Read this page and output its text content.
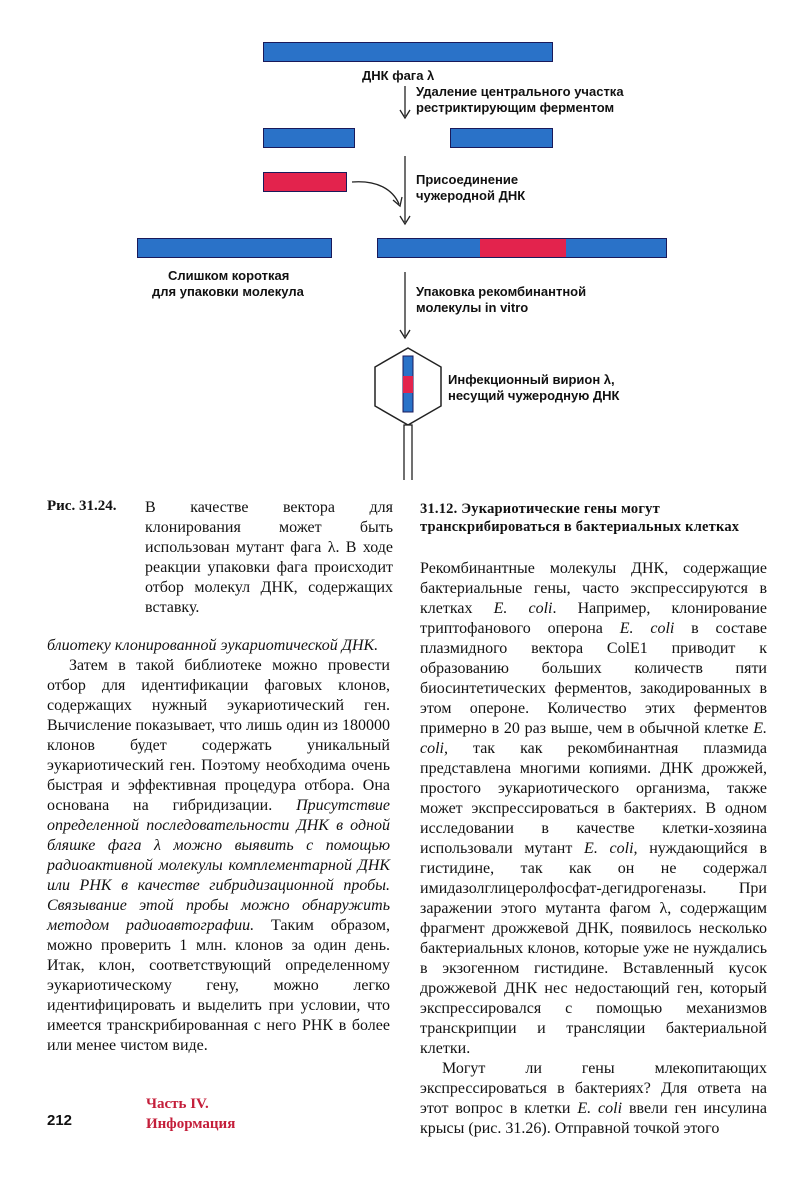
ДНК фага λ
Удаление центрального участка
рестриктирующим ферментом
Присоединение
чужеродной ДНК
Слишком короткая
для упаковки молекула	Упаковка рекомбинантной
молекулы in vitro
Инфекционный вирион λ,
несущий чужеродную ДНК
Рис. 31.24. В качестве вектора для клонирования может быть использован мутант фага λ. В ходе реакции упаковки фага происходит отбор молекул ДНК, содержащих вставку.

блиотеку клонированной эукариотической ДНК.

Затем в такой библиотеке можно провести отбор для идентификации фаговых клонов, содержащих нужный эукариотический ген. Вычисление показывает, что лишь один из 180000 клонов будет содержать уникальный эукариотический ген. Поэтому необходима очень быстрая и эффективная процедура отбора. Она основана на гибридизации. Присутствие определенной последовательности ДНК в одной бляшке фага λ можно выявить с помощью радиоактивной молекулы комплементарной ДНК или РНК в качестве гибридизационной пробы. Связывание этой пробы можно обнаружить методом радиоавтографии. Таким образом, можно проверить 1 млн. клонов за один день. Итак, клон, соответствующий определенному эукариотическому гену, можно легко идентифицировать и выделить при условии, что имеется транскрибированная с него РНК в более или менее чистом виде.

31.12. Эукариотические гены могут транскрибироваться в бактериальных клетках

Рекомбинантные молекулы ДНК, содержащие бактериальные гены, часто экспрессируются в клетках E. coli. Например, клонирование триптофанового оперона E. coli в составе плазмидного вектора ColE1 приводит к образованию больших количеств пяти биосинтетических ферментов, закодированных в этом опероне. Количество этих ферментов примерно в 20 раз выше, чем в обычной клетке E. coli, так как рекомбинантная плазмида представлена многими копиями. ДНК дрожжей, простого эукариотического организма, также может экспрессироваться в бактериях. В одном исследовании в качестве клетки-хозяина использовали мутант E. coli, нуждающийся в гистидине, так как он не содержал имидазолглицеролфосфат-дегидрогеназы. При заражении этого мутанта фагом λ, содержащим фрагмент дрожжевой ДНК, появилось несколько бактериальных клонов, которые уже не нуждались в экзогенном гистидине. Вставленный кусок дрожжевой ДНК нес недостающий ген, который экспрессировался с помощью механизмов транскрипции и трансляции бактериальной клетки.

Могут ли гены млекопитающих экспрессироваться в бактериях? Для ответа на этот вопрос в клетки E. coli ввели ген инсулина крысы (рис. 31.26). Отправной точкой этого

212
Часть IV.
Информация
